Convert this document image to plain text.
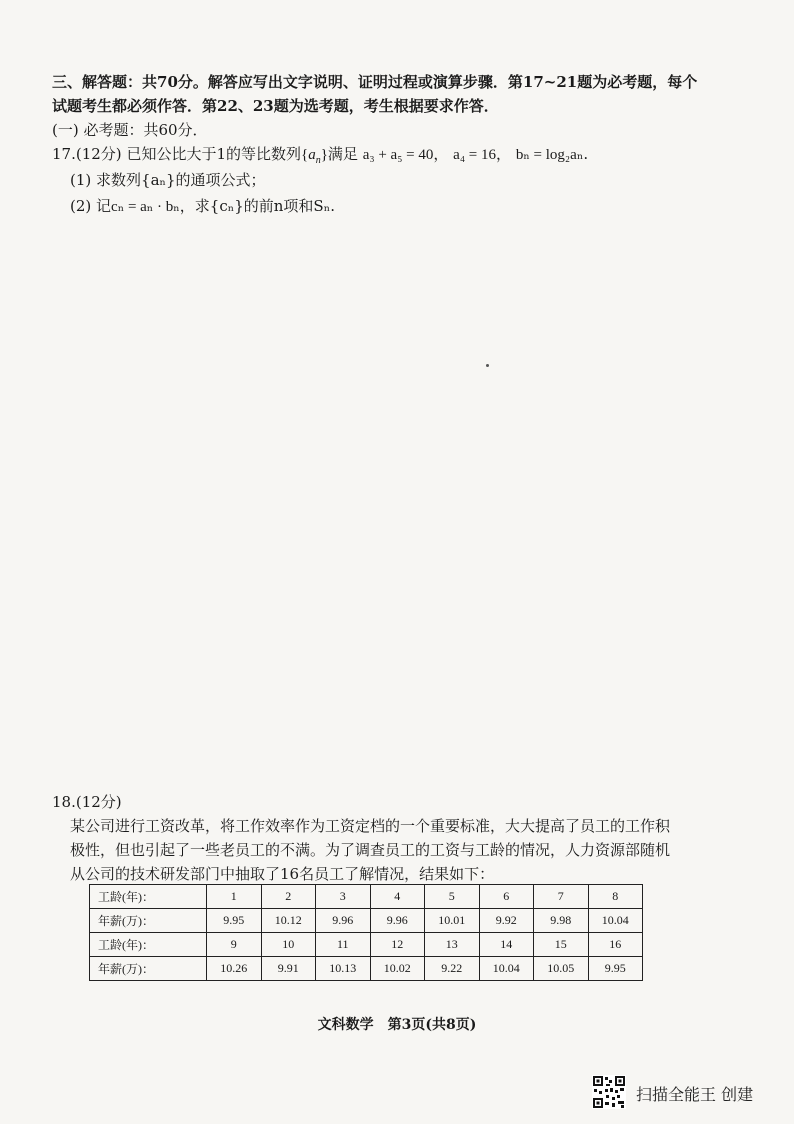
三、解答题：共70分。解答应写出文字说明、证明过程或演算步骤．第17~21题为必考题，每个
试题考生都必须作答．第22、23题为选考题，考生根据要求作答．
(一) 必考题：共60分．
17.(12分) 已知公比大于1的等比数列$\{a_n\}$满足 a₃ + a₅ = 40， a₄ = 16， bₙ = log₂aₙ.
(1) 求数列{aₙ}的通项公式；
(2) 记cₙ = aₙ · bₙ，求{cₙ}的前n项和Sₙ.
18.(12分)
某公司进行工资改革，将工作效率作为工资定档的一个重要标准，大大提高了员工的工作积
极性，但也引起了一些老员工的不满。为了调查员工的工资与工龄的情况，人力资源部随机
从公司的技术研发部门中抽取了16名员工了解情况，结果如下：
工龄(年)：	1	2	3	4	5	6	7	8
年薪(万)：	9.95	10.12	9.96	9.96	10.01	9.92	9.98	10.04
工龄(年)：	9	10	11	12	13	14	15	16
年薪(万)：	10.26	9.91	10.13	10.02	9.22	10.04	10.05	9.95
文科数学　第3页(共8页)
扫描全能王 创建
